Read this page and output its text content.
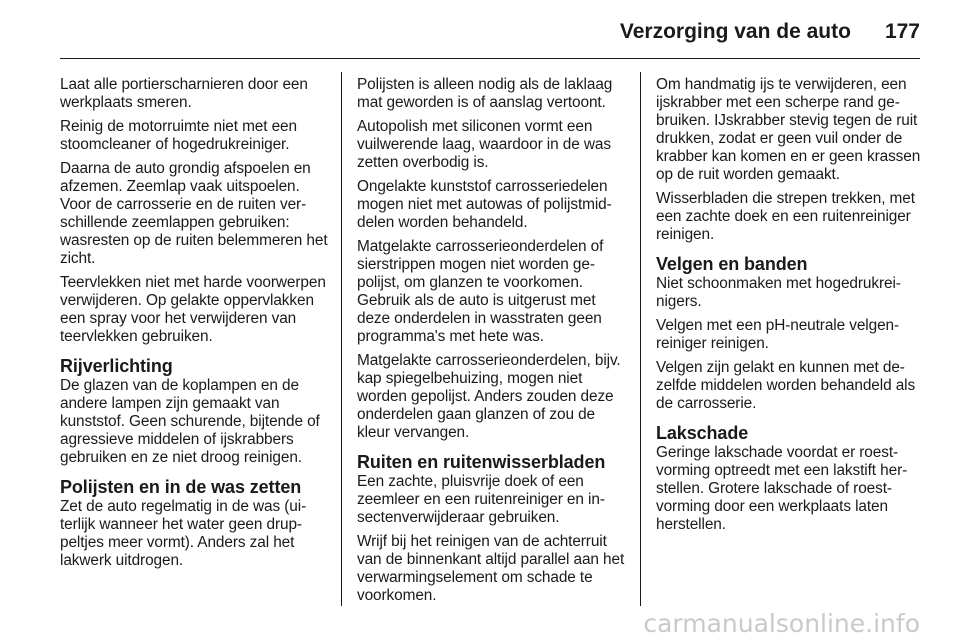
Verzorging van de auto 177

Laat alle portierscharnieren door een werkplaats smeren.

Reinig de motorruimte niet met een stoomcleaner of hogedrukreiniger.

Daarna de auto grondig afspoelen en afzemen. Zeemlap vaak uitspoelen. Voor de carrosserie en de ruiten verschillende zeemlappen gebruiken: wasresten op de ruiten belemmeren het zicht.

Teervlekken niet met harde voorwerpen verwijderen. Op gelakte oppervlakken een spray voor het verwijderen van teervlekken gebruiken.

Rijverlichting

De glazen van de koplampen en de andere lampen zijn gemaakt van kunststof. Geen schurende, bijtende of agressieve middelen of ijskrabbers gebruiken en ze niet droog reinigen.

Polijsten en in de was zetten

Zet de auto regelmatig in de was (uiterlijk wanneer het water geen druppeltjes meer vormt). Anders zal het lakwerk uitdrogen.

Polijsten is alleen nodig als de laklaag mat geworden is of aanslag vertoont.

Autopolish met siliconen vormt een vuilwerende laag, waardoor in de was zetten overbodig is.

Ongelakte kunststof carrosseriedelen mogen niet met autowas of polijstmiddelen worden behandeld.

Matgelakte carrosserieonderdelen of sierstrippen mogen niet worden gepolijst, om glanzen te voorkomen. Gebruik als de auto is uitgerust met deze onderdelen in wasstraten geen programma's met hete was.

Matgelakte carrosserieonderdelen, bijv. kap spiegelbehuizing, mogen niet worden gepolijst. Anders zouden deze onderdelen gaan glanzen of zou de kleur vervangen.

Ruiten en ruitenwisserbladen

Een zachte, pluisvrije doek of een zeemleer en een ruitenreiniger en insectenverwijderaar gebruiken.

Wrijf bij het reinigen van de achterruit van de binnenkant altijd parallel aan het verwarmingselement om schade te voorkomen.

Om handmatig ijs te verwijderen, een ijskrabber met een scherpe rand gebruiken. IJskrabber stevig tegen de ruit drukken, zodat er geen vuil onder de krabber kan komen en er geen krassen op de ruit worden gemaakt.

Wisserbladen die strepen trekken, met een zachte doek en een ruitenreiniger reinigen.

Velgen en banden

Niet schoonmaken met hogedrukreinigers.

Velgen met een pH-neutrale velgenreiniger reinigen.

Velgen zijn gelakt en kunnen met dezelfde middelen worden behandeld als de carrosserie.

Lakschade

Geringe lakschade voordat er roestvorming optreedt met een lakstift herstellen. Grotere lakschade of roestvorming door een werkplaats laten herstellen.

carmanualsonline.info
